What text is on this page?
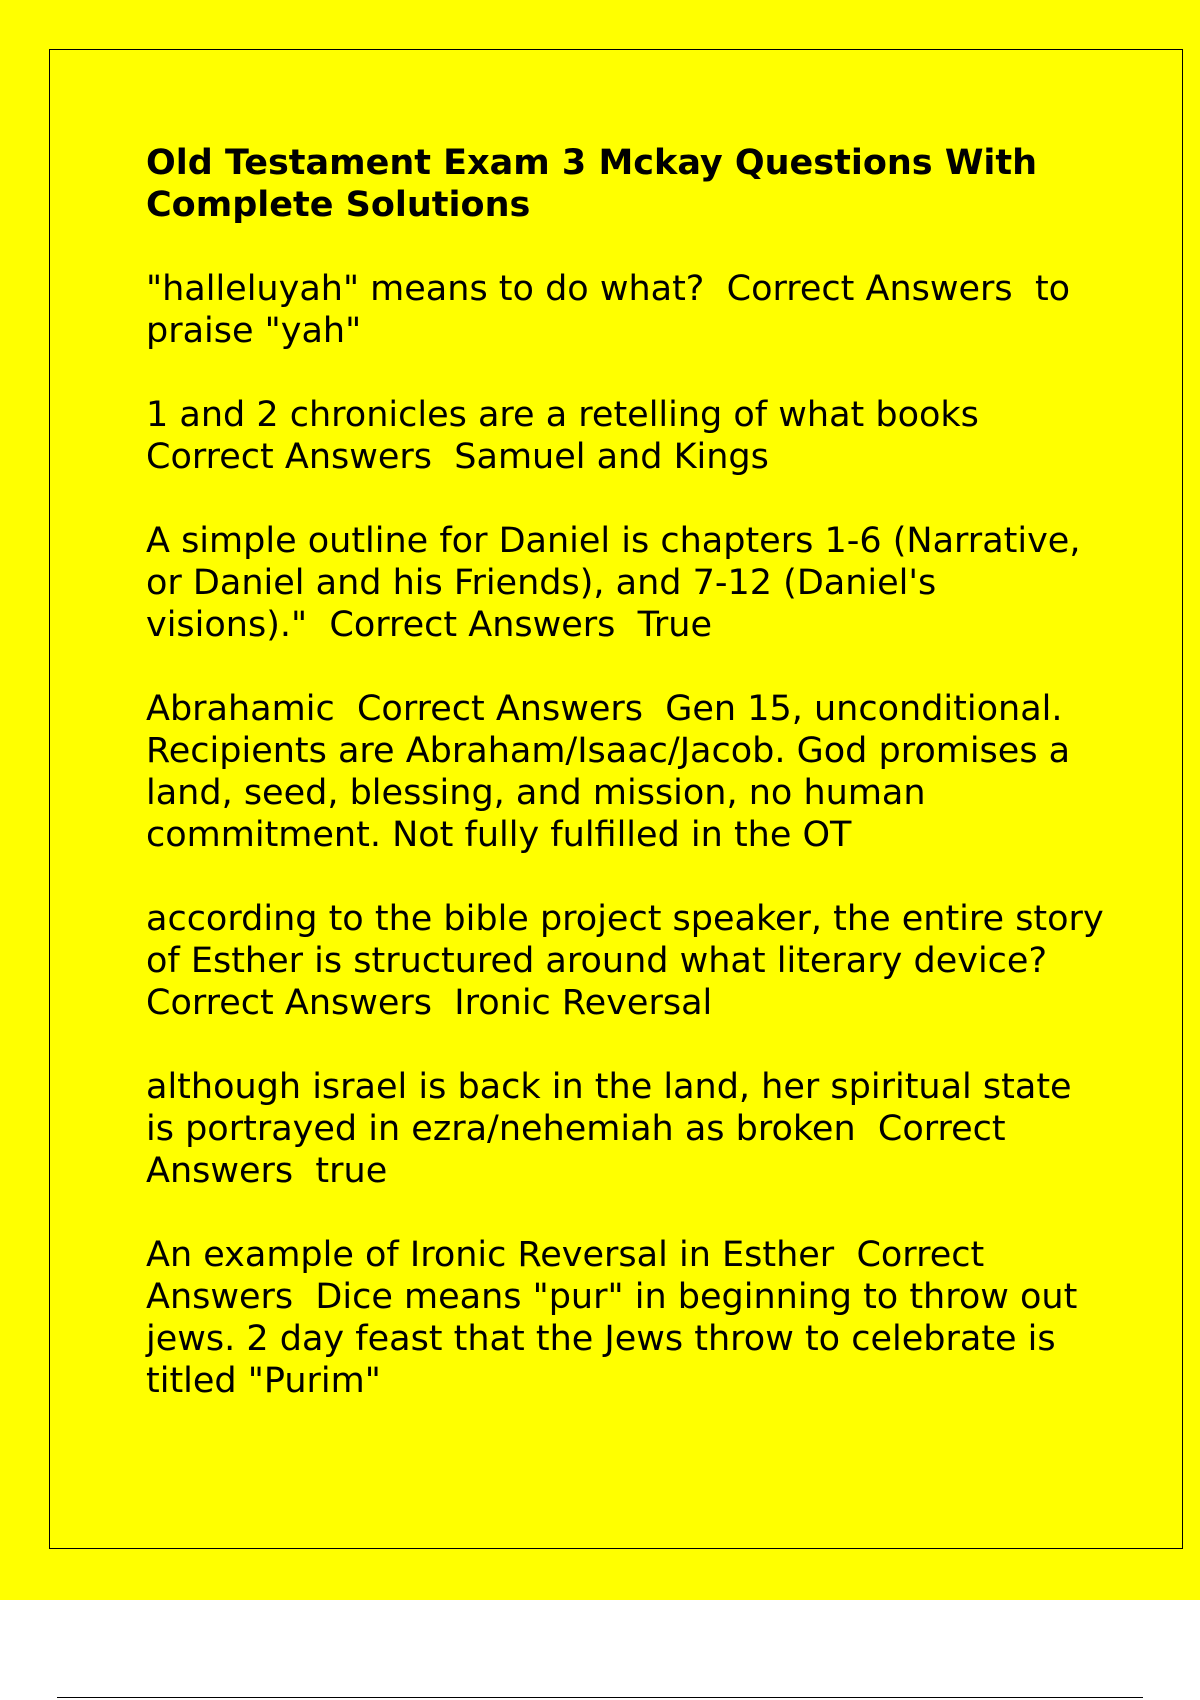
Old Testament Exam 3 Mckay Questions With Complete Solutions
"halleluyah" means to do what? Correct Answers to praise "yah"
1 and 2 chronicles are a retelling of what books  Correct Answers Samuel and Kings
A simple outline for Daniel is chapters 1-6 (Narrative, or Daniel and his Friends), and 7-12 (Daniel's visions)." Correct Answers True
Abrahamic Correct Answers Gen 15, unconditional. Recipients are Abraham/Isaac/Jacob. God promises a land, seed, blessing, and mission, no human commitment. Not fully fulfilled in the OT
according to the bible project speaker, the entire story of Esther is structured around what literary device?  Correct Answers Ironic Reversal
although israel is back in the land, her spiritual state is portrayed in ezra/nehemiah as broken Correct Answers true
An example of Ironic Reversal in Esther Correct Answers Dice means "pur" in beginning to throw out jews. 2 day feast that the Jews throw to celebrate is titled "Purim"
